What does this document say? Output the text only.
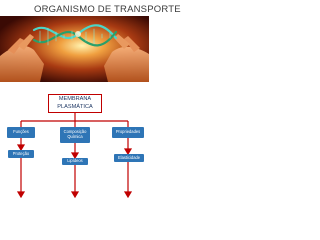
ORGANISMO DE TRANSPORTE
MEMBRANA
PLASMÁTICA
Funções	Composição
Química
Propriedades
Proteção
Lipídeos
Elasticidade
